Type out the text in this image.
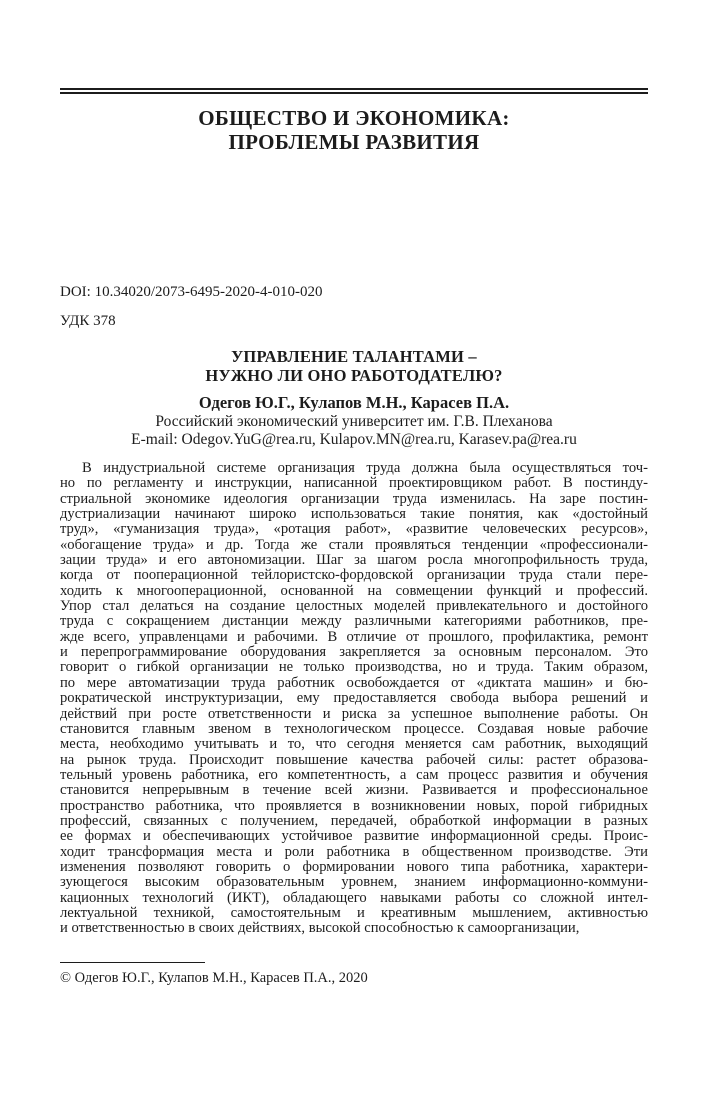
ОБЩЕСТВО И ЭКОНОМИКА:
ПРОБЛЕМЫ РАЗВИТИЯ
DOI: 10.34020/2073-6495-2020-4-010-020
УДК 378
УПРАВЛЕНИЕ ТАЛАНТАМИ –
НУЖНО ЛИ ОНО РАБОТОДАТЕЛЮ?
Одегов Ю.Г., Кулапов М.Н., Карасев П.А.
Российский экономический университет им. Г.В. Плеханова
E-mail: Odegov.YuG@rea.ru, Kulapov.MN@rea.ru, Karasev.pa@rea.ru
В индустриальной системе организация труда должна была осуществляться точ-
но по регламенту и инструкции, написанной проектировщиком работ. В постинду-
стриальной экономике идеология организации труда изменилась. На заре постин-
дустриализации начинают широко использоваться такие понятия, как «достойный
труд», «гуманизация труда», «ротация работ», «развитие человеческих ресурсов»,
«обогащение труда» и др. Тогда же стали проявляться тенденции «профессионали-
зации труда» и его автономизации. Шаг за шагом росла многопрофильность труда,
когда от пооперационной тейлористско-фордовской организации труда стали пере-
ходить к многооперационной, основанной на совмещении функций и профессий.
Упор стал делаться на создание целостных моделей привлекательного и достойного
труда с сокращением дистанции между различными категориями работников, пре-
жде всего, управленцами и рабочими. В отличие от прошлого, профилактика, ремонт
и перепрограммирование оборудования закрепляется за основным персоналом. Это
говорит о гибкой организации не только производства, но и труда. Таким образом,
по мере автоматизации труда работник освобождается от «диктата машин» и бю-
рократической инструктуризации, ему предоставляется свобода выбора решений и
действий при росте ответственности и риска за успешное выполнение работы. Он
становится главным звеном в технологическом процессе. Создавая новые рабочие
места, необходимо учитывать и то, что сегодня меняется сам работник, выходящий
на рынок труда. Происходит повышение качества рабочей силы: растет образова-
тельный уровень работника, его компетентность, а сам процесс развития и обучения
становится непрерывным в течение всей жизни. Развивается и профессиональное
пространство работника, что проявляется в возникновении новых, порой гибридных
профессий, связанных с получением, передачей, обработкой информации в разных
ее формах и обеспечивающих устойчивое развитие информационной среды. Проис-
ходит трансформация места и роли работника в общественном производстве. Эти
изменения позволяют говорить о формировании нового типа работника, характери-
зующегося высоким образовательным уровнем, знанием информационно-коммуни-
кационных технологий (ИКТ), обладающего навыками работы со сложной интел-
лектуальной техникой, самостоятельным и креативным мышлением, активностью
и ответственностью в своих действиях, высокой способностью к самоорганизации,
© Одегов Ю.Г., Кулапов М.Н., Карасев П.А., 2020
